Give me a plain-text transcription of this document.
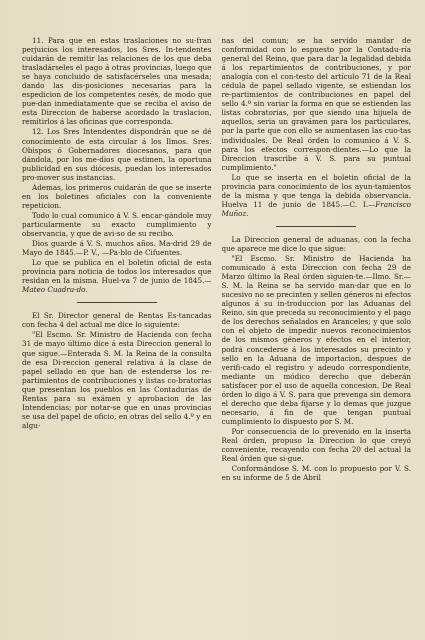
11. Para que en estas traslaciones no su-fran perjuicios los interesados, los Sres. In-tendentes cuidarán de remitir las relaciones de los que deba trasladárseles el pago á otras provincias, luego que se haya concluido de satisfacérseles una mesada; dando las dis-posiciones necesarias para la espedicion de los competentes cesés, de modo que pue-dan inmediatamente que se reciba el aviso de esta Direccion de haberse acordado la traslacion, remitirlos á las oficinas que corresponda.

12. Los Sres Intendentes dispondrán que se dé conocimiento de esta circular á los Ilmos. Sres. Obispos ó Gobernadores diocesanos, para que dándola, por los me-dios que estimen, la oportuna publicidad en sus diócesis, puedan los interesados pro-mover sus instancias.

Ademas, los primeros cuidarán de que se inserte en los boletines oficiales con la conveniente repeticion.

Todo lo cual comunico á V. S. encar-gándole muy particularmente su exacto cumplimiento y observancia, y que de avi-so de su recibo.

Dios guarde á V. S. muchos años. Ma-drid 29 de Mayo de 1845.—P. V., —Pa-blo de Cifuentes.

Lo que se publica en el boletin oficial de esta provincia para noticia de todos los interesados que residan en la misma. Huel-va 7 de junio de 1845.—Mateo Cuadra-do.

El Sr. Director general de Rentas Es-tancadas con fecha 4 del actual me dice lo siguiente:

"El Escmo. Sr. Ministro de Hacienda con fecha 31 de mayo último dice á esta Direccion general lo que sigue.—Enterada S. M. la Reina de la consulta de esa Di-reccion general relativa á la clase de papel sellado en que han de estenderse los re-partimientos de contribuciones y listas co-bratorias que presentan los pueblos en las Contadurías de Rentas para su exámen y aprobacion de las Intendencias; por notar-se que en unas provincias se usa del papel de oficio, en otras del sello 4.º y en algu-

nas del comun; se ha servido mandar de conformidad con lo espuesto por la Contadu-ría general del Reino, que para dar la legalidad debida á los repartimientos de contribuciones, y por analogía con el con-testo del artículo 71 de la Real cédula de papel sellado vigente, se estiendan los re-partimientos de contribuciones en papel del sello 4.º sin variar la forma en que se estienden las listas cobratorias, por que siendo una hijuela de aquellos, seria un gravámen para los particulares, por la parte que con ello se aumentasen las cuo-tas individuales. De Real órden lo comunico á V. S. para los efectos correspon-dientes.—Lo que la Direccion trascribe á V. S. para su puntual cumplimiento."

Lo que se inserta en el boletin oficial de la provincia para conocimiento de los ayun-tamientos de la misma y que tenga la debida observancia. Huelva 11 de junio de 1845.—C. I.—Francisco Muñoz.

La Direccion general de aduanas, con la fecha que aparece me dice lo que sigue:

"El Escmo. Sr. Ministro de Hacienda ha comunicado á esta Direccion con fecha 29 de Marzo último la Real órden siguien-te.—Ilmo. Sr.—S. M. la Reina se ha servido man-dar que en lo sucesivo no se precinten y sellen géneros ni efectos algunos á su in-troduccion por las Aduanas del Reino, sin que preceda su reconocimiento y el pago de los derechos señalados en Aranceles; y que solo con el objeto de impedir nuevos reconocimientos de los mismos géneros y efectos en el interior, podrá concederse á los interesados su precinto y sello en la Aduana de importacion, despues de verifi-cado el registro y adeudo correspondiente, mediante un módico derecho que deberán satisfacer por el uso de aquella concesion. De Real órden lo digo á V. S. para que prevenga sin demora el derecho que deba fijarse y lo demas que juzgue necesario, á fin de que tengan puntual cumplimiento lo dispuesto por S. M.

Por consecuencia de lo prevenido en la inserta Real órden, propuso la Direccion lo que creyó conveniente, recayendo con fecha 20 del actual la Real órden que si-gue.

Conformándose S. M. con lo propuesto por V. S. en su informe de 5 de Abril
